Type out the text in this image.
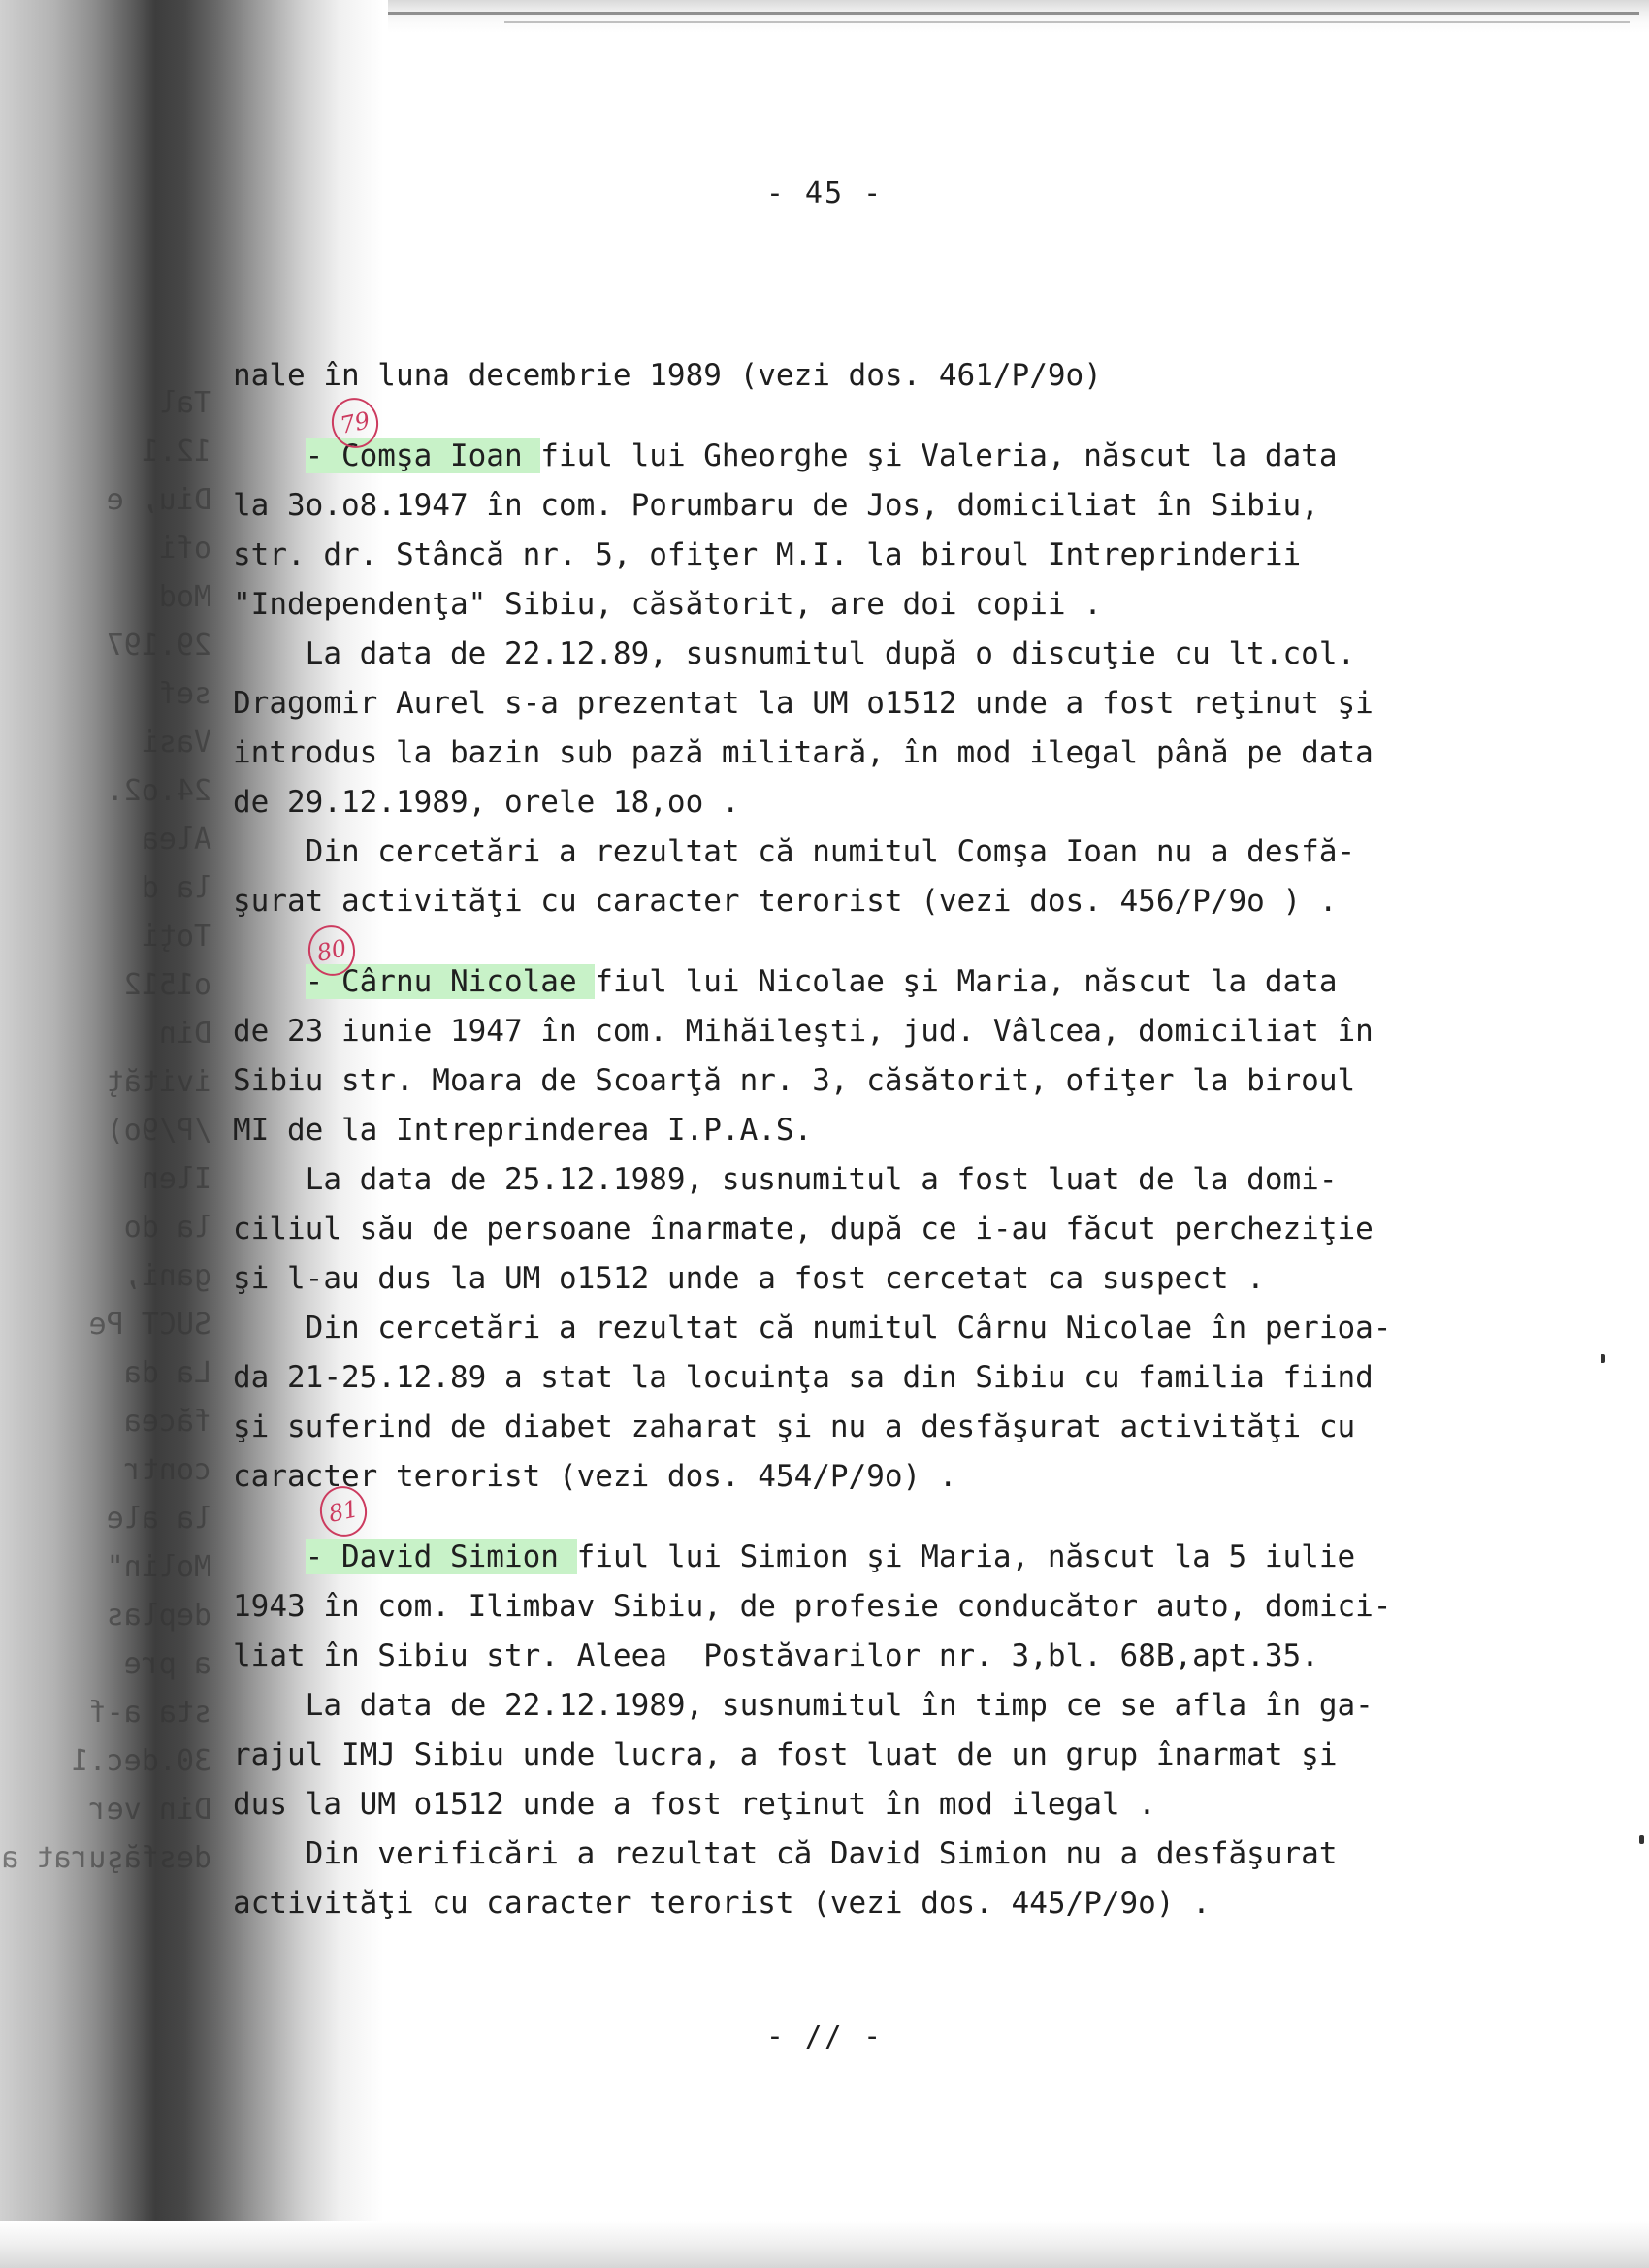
Tal
12.1
Diu, e
ofi
Mod
29.197
sef
Vasi
24.o2.
Alea
la d
Toţi
o1512
Din
ivităţ
/P/9o)
Ilen
la do
gani,
SUCT Pe
La da
făcea
contr
la ale
Molin"
deplas
a pre
sta a-f
30.dec.1
Din ver
desfăşurat a
- 45 -
nale în luna decembrie 1989 (vezi dos. 461/P/9o)
- Comşa Ioan fiul lui Gheorghe şi Valeria, născut la data
la 3o.o8.1947 în com. Porumbaru de Jos, domiciliat în Sibiu,
str. dr. Stâncă nr. 5, ofiţer M.I. la biroul Intreprinderii
"Independenţa" Sibiu, căsătorit, are doi copii .
La data de 22.12.89, susnumitul după o discuţie cu lt.col.
Dragomir Aurel s-a prezentat la UM o1512 unde a fost reţinut şi
introdus la bazin sub pază militară, în mod ilegal până pe data
de 29.12.1989, orele 18,oo .
Din cercetări a rezultat că numitul Comşa Ioan nu a desfă-
şurat activităţi cu caracter terorist (vezi dos. 456/P/9o ) .
- Cârnu Nicolae fiul lui Nicolae şi Maria, născut la data
de 23 iunie 1947 în com. Mihăileşti, jud. Vâlcea, domiciliat în
Sibiu str. Moara de Scoarţă nr. 3, căsătorit, ofiţer la biroul
MI de la Intreprinderea I.P.A.S.
La data de 25.12.1989, susnumitul a fost luat de la domi-
ciliul său de persoane înarmate, după ce i-au făcut percheziţie
şi l-au dus la UM o1512 unde a fost cercetat ca suspect .
Din cercetări a rezultat că numitul Cârnu Nicolae în perioa-
da 21-25.12.89 a stat la locuinţa sa din Sibiu cu familia fiind
şi suferind de diabet zaharat şi nu a desfăşurat activităţi cu
caracter terorist (vezi dos. 454/P/9o) .
- David Simion fiul lui Simion şi Maria, născut la 5 iulie
1943 în com. Ilimbav Sibiu, de profesie conducător auto, domici-
liat în Sibiu str. Aleea  Postăvarilor nr. 3,bl. 68B,apt.35.
La data de 22.12.1989, susnumitul în timp ce se afla în ga-
rajul IMJ Sibiu unde lucra, a fost luat de un grup înarmat şi
dus la UM o1512 unde a fost reţinut în mod ilegal .
Din verificări a rezultat că David Simion nu a desfăşurat
activităţi cu caracter terorist (vezi dos. 445/P/9o) .
79
80
81
- // -
